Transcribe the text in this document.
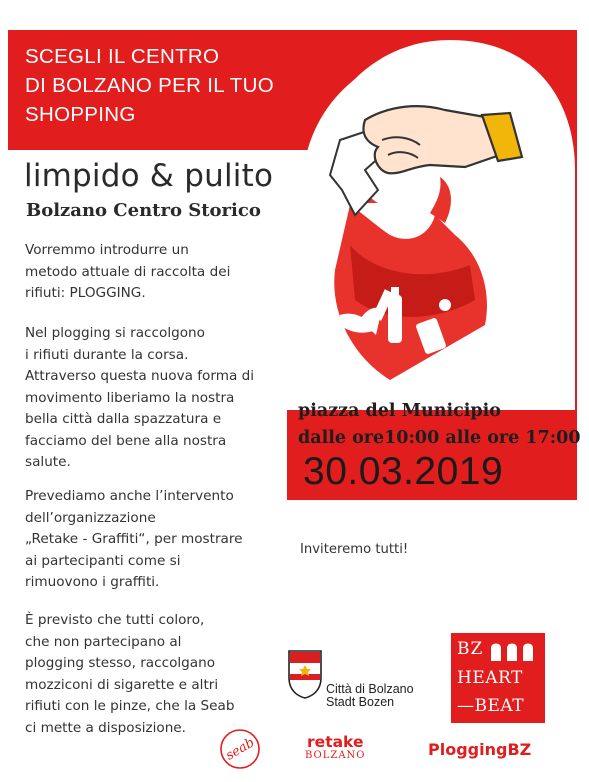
SCEGLI IL CENTRO
DI BOLZANO PER IL TUO
SHOPPING
limpido & pulito
Bolzano Centro Storico
Vorremmo introdurre un
metodo attuale di raccolta dei
rifiuti: PLOGGING.
Nel plogging si raccolgono
i rifiuti durante la corsa.
Attraverso questa nuova forma di
movimento liberiamo la nostra
bella città dalla spazzatura e
facciamo del bene alla nostra
salute.
Prevediamo anche l’intervento
dell’organizzazione
„Retake - Graffiti“, per mostrare
ai partecipanti come si
rimuovono i graffiti.
È previsto che tutti coloro,
che non partecipano al
plogging stesso, raccolgano
mozziconi di sigarette e altri
rifiuti con le pinze, che la Seab
ci mette a disposizione.
piazza del Municipio
dalle ore10:00 alle ore 17:00
30.03.2019
Inviteremo tutti!
Città di Bolzano
Stadt Bozen
BZ
HEART
—BEAT
seab	retake
BOLZANO	PloggingBZ
